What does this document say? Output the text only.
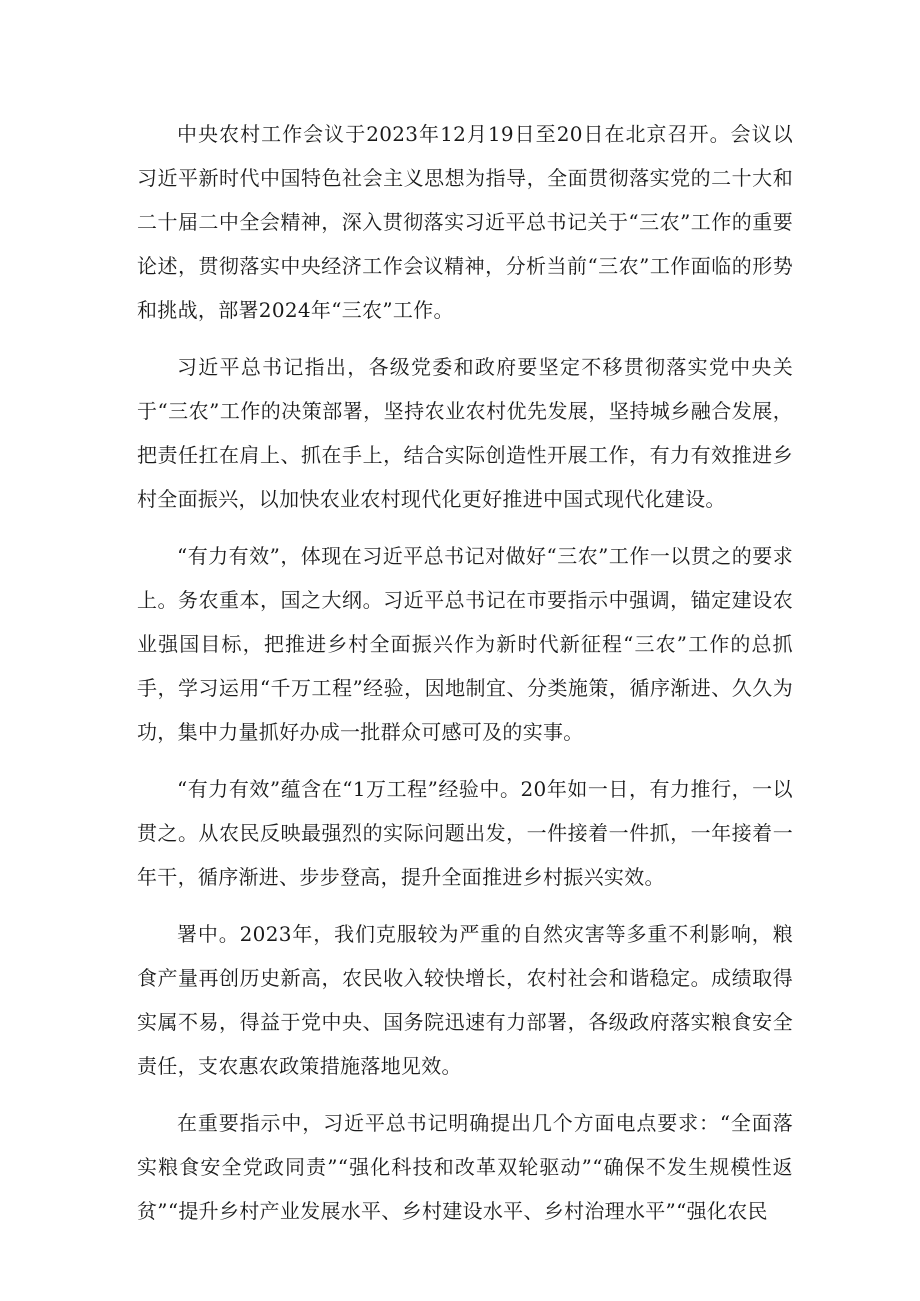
中央农村工作会议于2023年12月19日至20日在北京召开。会议以习近平新时代中国特色社会主义思想为指导，全面贯彻落实党的二十大和二十届二中全会精神，深入贯彻落实习近平总书记关于“三农”工作的重要论述，贯彻落实中央经济工作会议精神，分析当前“三农”工作面临的形势和挑战，部署2024年“三农”工作。

习近平总书记指出，各级党委和政府要坚定不移贯彻落实党中央关于“三农”工作的决策部署，坚持农业农村优先发展，坚持城乡融合发展，把责任扛在肩上、抓在手上，结合实际创造性开展工作，有力有效推进乡村全面振兴，以加快农业农村现代化更好推进中国式现代化建设。

“有力有效”，体现在习近平总书记对做好“三农”工作一以贯之的要求上。务农重本，国之大纲。习近平总书记在市要指示中强调，锚定建设农业强国目标，把推进乡村全面振兴作为新时代新征程“三农”工作的总抓手，学习运用“千万工程”经验，因地制宜、分类施策，循序渐进、久久为功，集中力量抓好办成一批群众可感可及的实事。

“有力有效”蕴含在“1万工程”经验中。20年如一日，有力推行，一以贯之。从农民反映最强烈的实际问题出发，一件接着一件抓，一年接着一年干，循序渐进、步步登高，提升全面推进乡村振兴实效。

署中。2023年，我们克服较为严重的自然灾害等多重不利影响，粮食产量再创历史新高，农民收入较快增长，农村社会和谐稳定。成绩取得实属不易，得益于党中央、国务院迅速有力部署，各级政府落实粮食安全责任，支农惠农政策措施落地见效。

在重要指示中，习近平总书记明确提出几个方面电点要求：“全面落实粮食安全党政同责”“强化科技和改革双轮驱动”“确保不发生规模性返贫”“提升乡村产业发展水平、乡村建设水平、乡村治理水平”“强化农民
